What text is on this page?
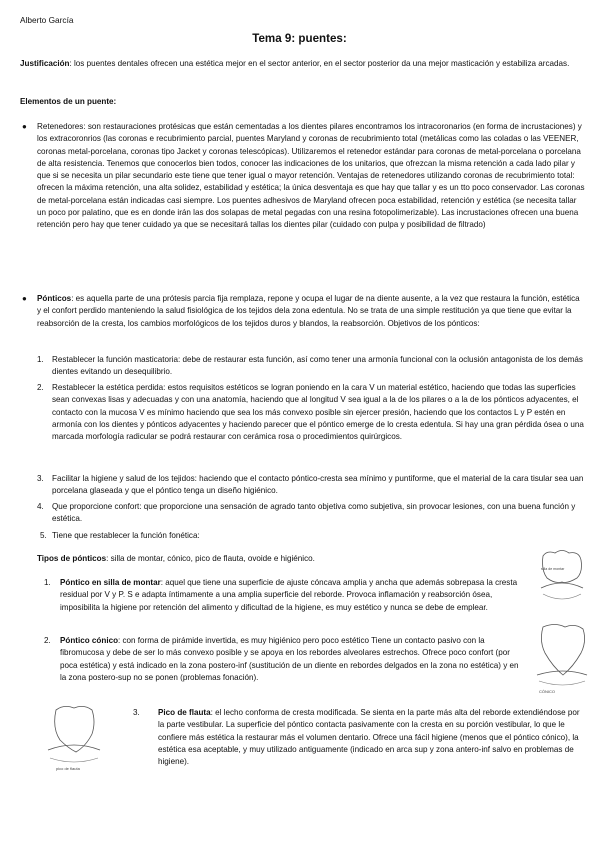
Alberto García
Tema 9: puentes:

Justificación: los puentes dentales ofrecen una estética mejor en el sector anterior, en el sector posterior da una mejor masticación y estabiliza arcadas.

Elementos de un puente:

● Retenedores: son restauraciones protésicas que están cementadas a los dientes pilares encontramos los intracoronarios (en forma de incrustaciones) y los extracoronrios (las coronas e recubrimiento parcial, puentes Maryland y coronas de recubrimiento total (metálicas como las coladas o las VEENER, coronas metal-porcelana, coronas tipo Jacket y coronas telescópicas). Utilizaremos el retenedor estándar para coronas de metal-porcelana o porcelana de alta resistencia. Tenemos que conocerlos bien todos, conocer las indicaciones de los unitarios, que ofrezcan la misma retención a cada lado pilar y que si se necesita un pilar secundario este tiene que tener igual o mayor retención. Ventajas de retenedores utilizando coronas de recubrimiento total: ofrecen la máxima retención, una alta solidez, estabilidad y estética; la única desventaja es que hay que tallar y es un tto poco conservador. Las coronas de metal-porcelana están indicadas casi siempre. Los puentes adhesivos de Maryland ofrecen poca estabilidad, retención y estética (se necesita tallar un poco por palatino, que es en donde irán las dos solapas de metal pegadas con una resina fotopolimerizable). Las incrustaciones ofrecen una buena retención pero hay que tener cuidado ya que se necesitará tallas los dientes pilar (cuidado con pulpa y posibilidad de filtrado)

● Pónticos: es aquella parte de una prótesis parcia fija remplaza, repone y ocupa el lugar de na diente ausente, a la vez que restaura la función, estética y el confort perdido manteniendo la salud fisiológica de los tejidos dela zona edentula. No se trata de una simple restitución ya que tiene que evitar la reabsorción de la cresta, los cambios morfológicos de los tejidos duros y blandos, la reabsorción. Objetivos de los pónticos:

1. Restablecer la función masticatoria: debe de restaurar esta función, así como tener una armonía funcional con la oclusión antagonista de los demás dientes evitando un desequilibrio.

2. Restablecer la estética perdida: estos requisitos estéticos se logran poniendo en la cara V un material estético, haciendo que todas las superficies sean convexas lisas y adecuadas y con una anatomía, haciendo que al longitud V sea igual a la de los pilares o a la de los pónticos adyacentes, el contacto con la mucosa V es mínimo haciendo que sea los más convexo posible sin ejercer presión, haciendo que los contactos L y P estén en armonía con los dientes y pónticos adyacentes y haciendo parecer que el póntico emerge de lo cresta edentula. Si hay una gran pérdida ósea o una marcada morfología radicular se podrá restaurar con cerámica rosa o procedimientos quirúrgicos.

3. Facilitar la higiene y salud de los tejidos: haciendo que el contacto póntico-cresta sea mínimo y puntiforme, que el material de la cara tisular sea uan porcelana glaseada y que el póntico tenga un diseño higiénico.

4. Que proporcione confort: que proporcione una sensación de agrado tanto objetiva como subjetiva, sin provocar lesiones, con una buena función y estética.

5. Tiene que restablecer la función fonética:

Tipos de pónticos: silla de montar, cónico, pico de flauta, ovoide e higiénico.

1. Póntico en silla de montar: aquel que tiene una superficie de ajuste cóncava amplia y ancha que además sobrepasa la cresta residual por V y P. S e adapta íntimamente a una amplia superficie del reborde. Provoca inflamación y reabsorción ósea, imposibilita la higiene por retención del alimento y dificultad de la higiene, es muy estético y nunca se debe de emplear.

2. Póntico cónico: con forma de pirámide invertida, es muy higiénico pero poco estético Tiene un contacto pasivo con la fibromucosa y debe de ser lo más convexo posible y se apoya en los rebordes alveolares estrechos. Ofrece poco confort (por poca estética) y está indicado en la zona postero-inf (sustitución de un diente en rebordes delgados en la zona no estética) y en la zona postero-sup no se ponen (problemas fonación).

3. Pico de flauta: el lecho conforma de cresta modificada. Se sienta en la parte más alta del reborde extendiéndose por la parte vestibular. La superficie del póntico contacta pasivamente con la cresta en su porción vestibular, lo que le confiere más estética la restaurar más el volumen dentario. Ofrece una fácil higiene (menos que el póntico cónico), la estética esa aceptable, y muy utilizado antiguamente (indicado en arca sup y zona antero-inf salvo en problemas de higiene).

silla de montar
CÓNICO
pico de flauta
